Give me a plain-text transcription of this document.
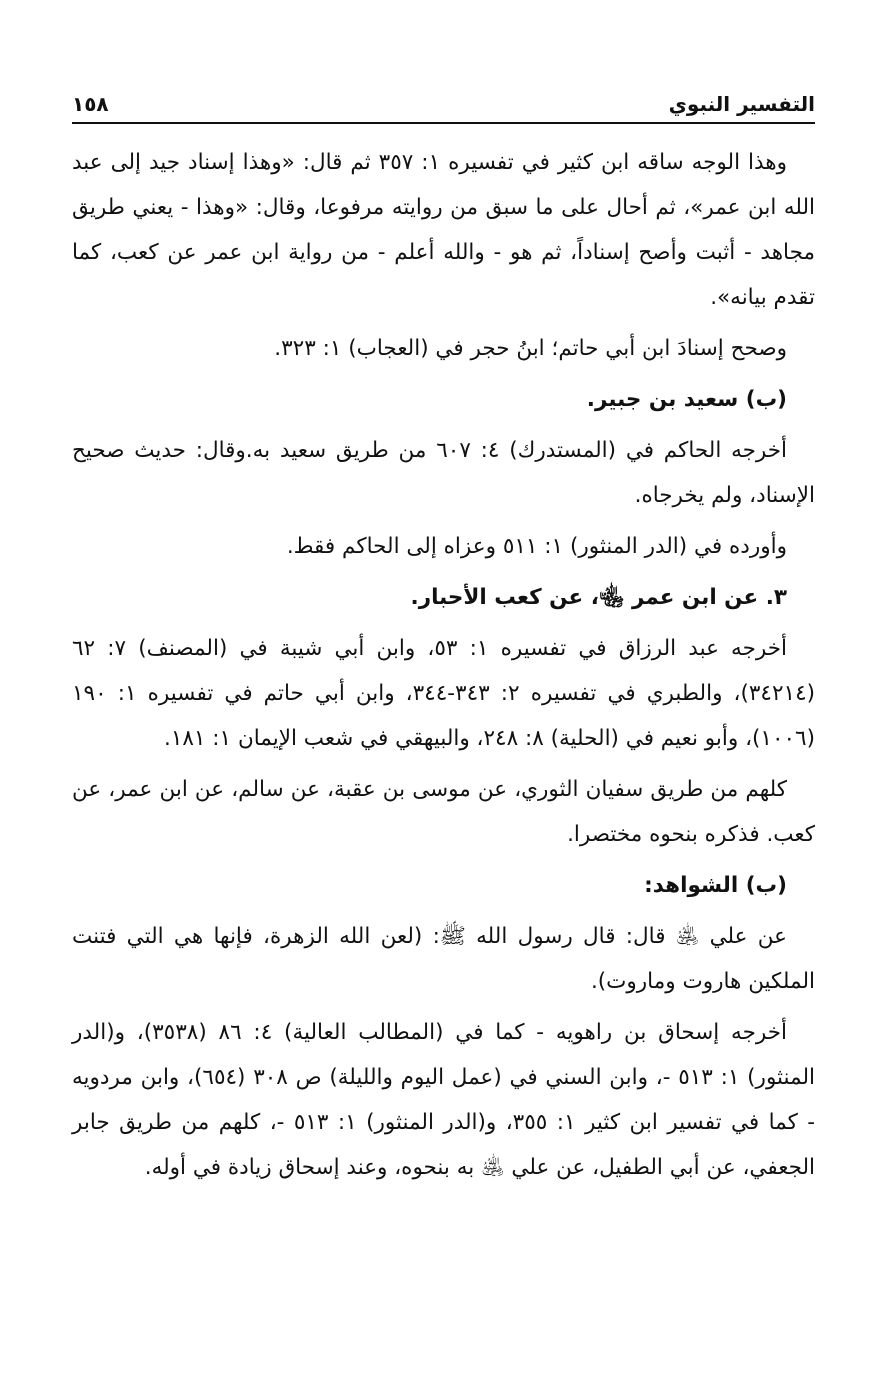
التفسير النبوي
١٥٨

وهذا الوجه ساقه ابن كثير في تفسيره ١: ٣٥٧ ثم قال: «وهذا إسناد جيد إلى عبد الله ابن عمر»، ثم أحال على ما سبق من روايته مرفوعا، وقال: «وهذا - يعني طريق مجاهد - أثبت وأصح إسناداً، ثم هو - والله أعلم - من رواية ابن عمر عن كعب، كما تقدم بيانه».

وصحح إسنادَ ابن أبي حاتم؛ ابنُ حجر في (العجاب) ١: ٣٢٣.

(ب) سعيد بن جبير.

أخرجه الحاكم في (المستدرك) ٤: ٦٠٧ من طريق سعيد به.وقال: حديث صحيح الإسناد، ولم يخرجاه.

وأورده في (الدر المنثور) ١: ٥١١ وعزاه إلى الحاكم فقط.

٣. عن ابن عمر ﵄، عن كعب الأحبار.

أخرجه عبد الرزاق في تفسيره ١: ٥٣، وابن أبي شيبة في (المصنف) ٧: ٦٢ (٣٤٢١٤)، والطبري في تفسيره ٢: ٣٤٣-٣٤٤، وابن أبي حاتم في تفسيره ١: ١٩٠ (١٠٠٦)، وأبو نعيم في (الحلية) ٨: ٢٤٨، والبيهقي في شعب الإيمان ١: ١٨١.

كلهم من طريق سفيان الثوري، عن موسى بن عقبة، عن سالم، عن ابن عمر، عن كعب. فذكره بنحوه مختصرا.

(ب) الشواهد:

عن علي ﵁ قال: قال رسول الله ﷺ: (لعن الله الزهرة، فإنها هي التي فتنت الملكين هاروت وماروت).

أخرجه إسحاق بن راهويه - كما في (المطالب العالية) ٤: ٨٦ (٣٥٣٨)، و(الدر المنثور) ١: ٥١٣ -، وابن السني في (عمل اليوم والليلة) ص ٣٠٨ (٦٥٤)، وابن مردويه - كما في تفسير ابن كثير ١: ٣٥٥، و(الدر المنثور) ١: ٥١٣ -، كلهم من طريق جابر الجعفي، عن أبي الطفيل، عن علي ﵁ به بنحوه، وعند إسحاق زيادة في أوله.
